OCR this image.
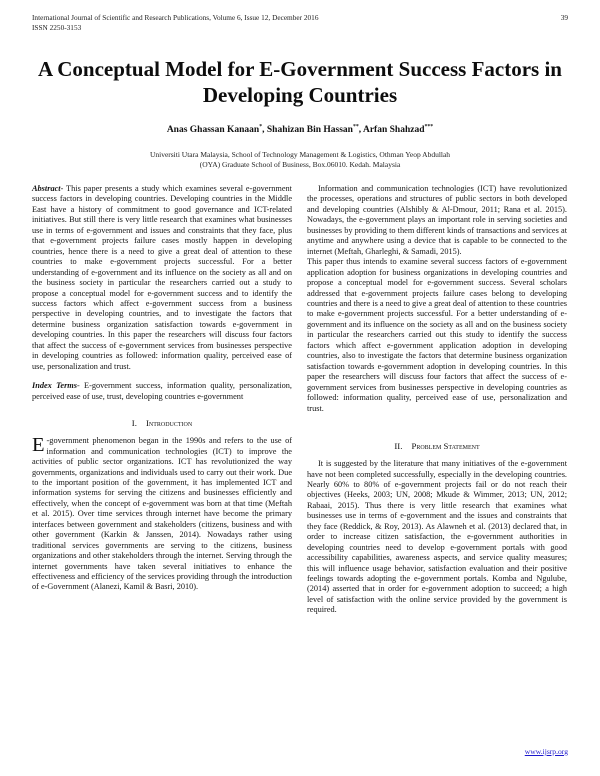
International Journal of Scientific and Research Publications, Volume 6, Issue 12, December 2016	39
ISSN 2250-3153
A Conceptual Model for E-Government Success Factors in Developing Countries
Anas Ghassan Kanaan*, Shahizan Bin Hassan**, Arfan Shahzad***
Universiti Utara Malaysia, School of Technology Management & Logistics, Othman Yeop Abdullah (OYA) Graduate School of Business, Box.06010. Kedah. Malaysia

Abstract- This paper presents a study which examines several e-government success factors in developing countries. Developing countries in the Middle East have a history of commitment to good governance and ICT-related initiatives. But still there is very little research that examines what businesses use in terms of e-government and issues and constraints that they face, plus that e-government projects failure cases mostly happen in developing countries, hence there is a need to give a great deal of attention to these countries to make e-government projects successful. For a better understanding of e-government and its influence on the society as all and on the business society in particular the researchers carried out a study to propose a conceptual model for e-government success and to identify the success factors which affect e-government success from a business perspective in developing countries, and to investigate the factors that determine business organization satisfaction towards e-government in developing countries. In this paper the researchers will discuss four factors that affect the success of e-government services from businesses perspective in developing countries as followed: information quality, perceived ease of use, personalization and trust.

Index Terms- E-government success, information quality, personalization, perceived ease of use, trust, developing countries e-government

I. Introduction

E -government phenomenon began in the 1990s and refers to the use of information and communication technologies (ICT) to improve the activities of public sector organizations. ICT has revolutionized the way governments, organizations and individuals used to carry out their work. Due to the important position of the government, it has implemented ICT and information systems for serving the citizens and businesses efficiently and effectively, when the concept of e-government was born at that time (Meftah et al. 2015). Over time services through internet have become the primary interfaces between government and stakeholders (citizens, business and with other government (Karkin & Janssen, 2014). Nowadays rather using traditional services governments are serving to the citizens, business organizations and other stakeholders through the internet. Serving through the internet governments have taken several initiatives to enhance the effectiveness and efficiency of the services providing through the introduction of e-Government (Alanezi, Kamil & Basri, 2010).

Information and communication technologies (ICT) have revolutionized the processes, operations and structures of public sectors in both developed and developing countries (Alshibly & Al-Dmour, 2011; Rana et al. 2015). Nowadays, the e-government plays an important role in serving societies and businesses by providing to them different kinds of transactions and services at anytime and anywhere using a device that is capable to be connected to the internet (Meftah, Gharleghi, & Samadi, 2015).

This paper thus intends to examine several success factors of e-government application adoption for business organizations in developing countries and propose a conceptual model for e-government success. Several scholars addressed that e-government projects failure cases belong to developing countries and there is a need to give a great deal of attention to these countries to make e-government projects successful. For a better understanding of e-government and its influence on the society as all and on the business society in particular the researchers carried out this study to identify the success factors which affect e-government application adoption in developing countries, also to investigate the factors that determine business organization satisfaction towards e-government adoption in developing countries. In this paper the researchers will discuss four factors that affect the success of e-government services from businesses perspective in developing countries as followed: information quality, perceived ease of use, personalization and trust.

II. Problem Statement

It is suggested by the literature that many initiatives of the e-government have not been completed successfully, especially in the developing countries. Nearly 60% to 80% of e-government projects fail or do not reach their objectives (Heeks, 2003; UN, 2008; Mkude & Wimmer, 2013; UN, 2012; Rabaai, 2015). Thus there is very little research that examines what businesses use in terms of e-government and the issues and constraints that they face (Reddick, & Roy, 2013). As Alawneh et al. (2013) declared that, in order to increase citizen satisfaction, the e-government authorities in developing countries need to develop e-government portals with good accessibility capabilities, awareness aspects, and service quality measures; this will influence usage behavior, satisfaction evaluation and their positive feelings towards adopting the e-government portals. Komba and Ngulube, (2014) asserted that in order for e-government adoption to succeed; a high level of satisfaction with the online service provided by the government is required.

www.ijsrp.org
